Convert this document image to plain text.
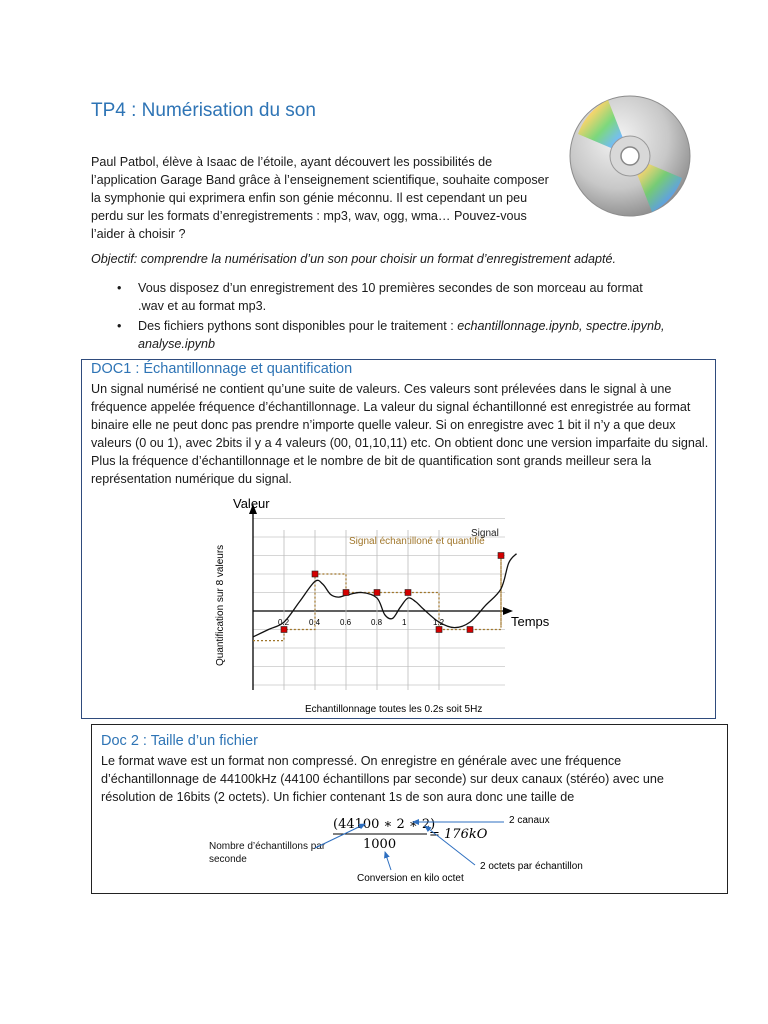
TP4 : Numérisation du son
Paul Patbol, élève à Isaac de l’étoile, ayant découvert les possibilités de l’application Garage Band grâce à l’enseignement scientifique, souhaite composer la symphonie qui exprimera enfin son génie méconnu. Il est cependant un peu perdu sur les formats d’enregistrements : mp3, wav, ogg, wma… Pouvez-vous l’aider à choisir ?
Objectif: comprendre la numérisation d’un son pour choisir un format d’enregistrement adapté.
• Vous disposez d’un enregistrement des 10 premières secondes de son morceau au format .wav et au format mp3.
• Des fichiers pythons sont disponibles pour le traitement : echantillonnage.ipynb, spectre.ipynb, analyse.ipynb
DOC1 : Échantillonnage et quantification
Un signal numérisé ne contient qu’une suite de valeurs. Ces valeurs sont prélevées dans le signal à une fréquence appelée fréquence d’échantillonnage. La valeur du signal échantillonné est enregistrée au format binaire elle ne peut donc pas prendre n’importe quelle valeur. Si on enregistre avec 1 bit il n’y a que deux valeurs (0 ou 1), avec 2bits il y a 4 valeurs (00, 01,10,11) etc. On obtient donc une version imparfaite du signal. Plus la fréquence d’échantillonnage et le nombre de bit de quantification sont grands meilleur sera la représentation numérique du signal.
Valeur
Temps
Quantification sur 8 valeurs
Echantillonnage toutes les 0.2s soit 5Hz
Signal échantilloné et quantifié
Signal
0.2 0.4 0.6 0.8 1	1.2
Doc 2 : Taille d’un fichier
Le format wave est un format non compressé. On enregistre en générale avec une fréquence d’échantillonnage de 44100kHz (44100 échantillons par seconde) sur deux canaux (stéréo) avec une résolution de 16bits (2 octets). Un fichier contenant 1s de son aura donc une taille de
(44100 ∗ 2 ∗ 2)
1000
= 176kO
2 canaux
2 octets par échantillon
Conversion en kilo octet
Nombre d’échantillons par seconde
